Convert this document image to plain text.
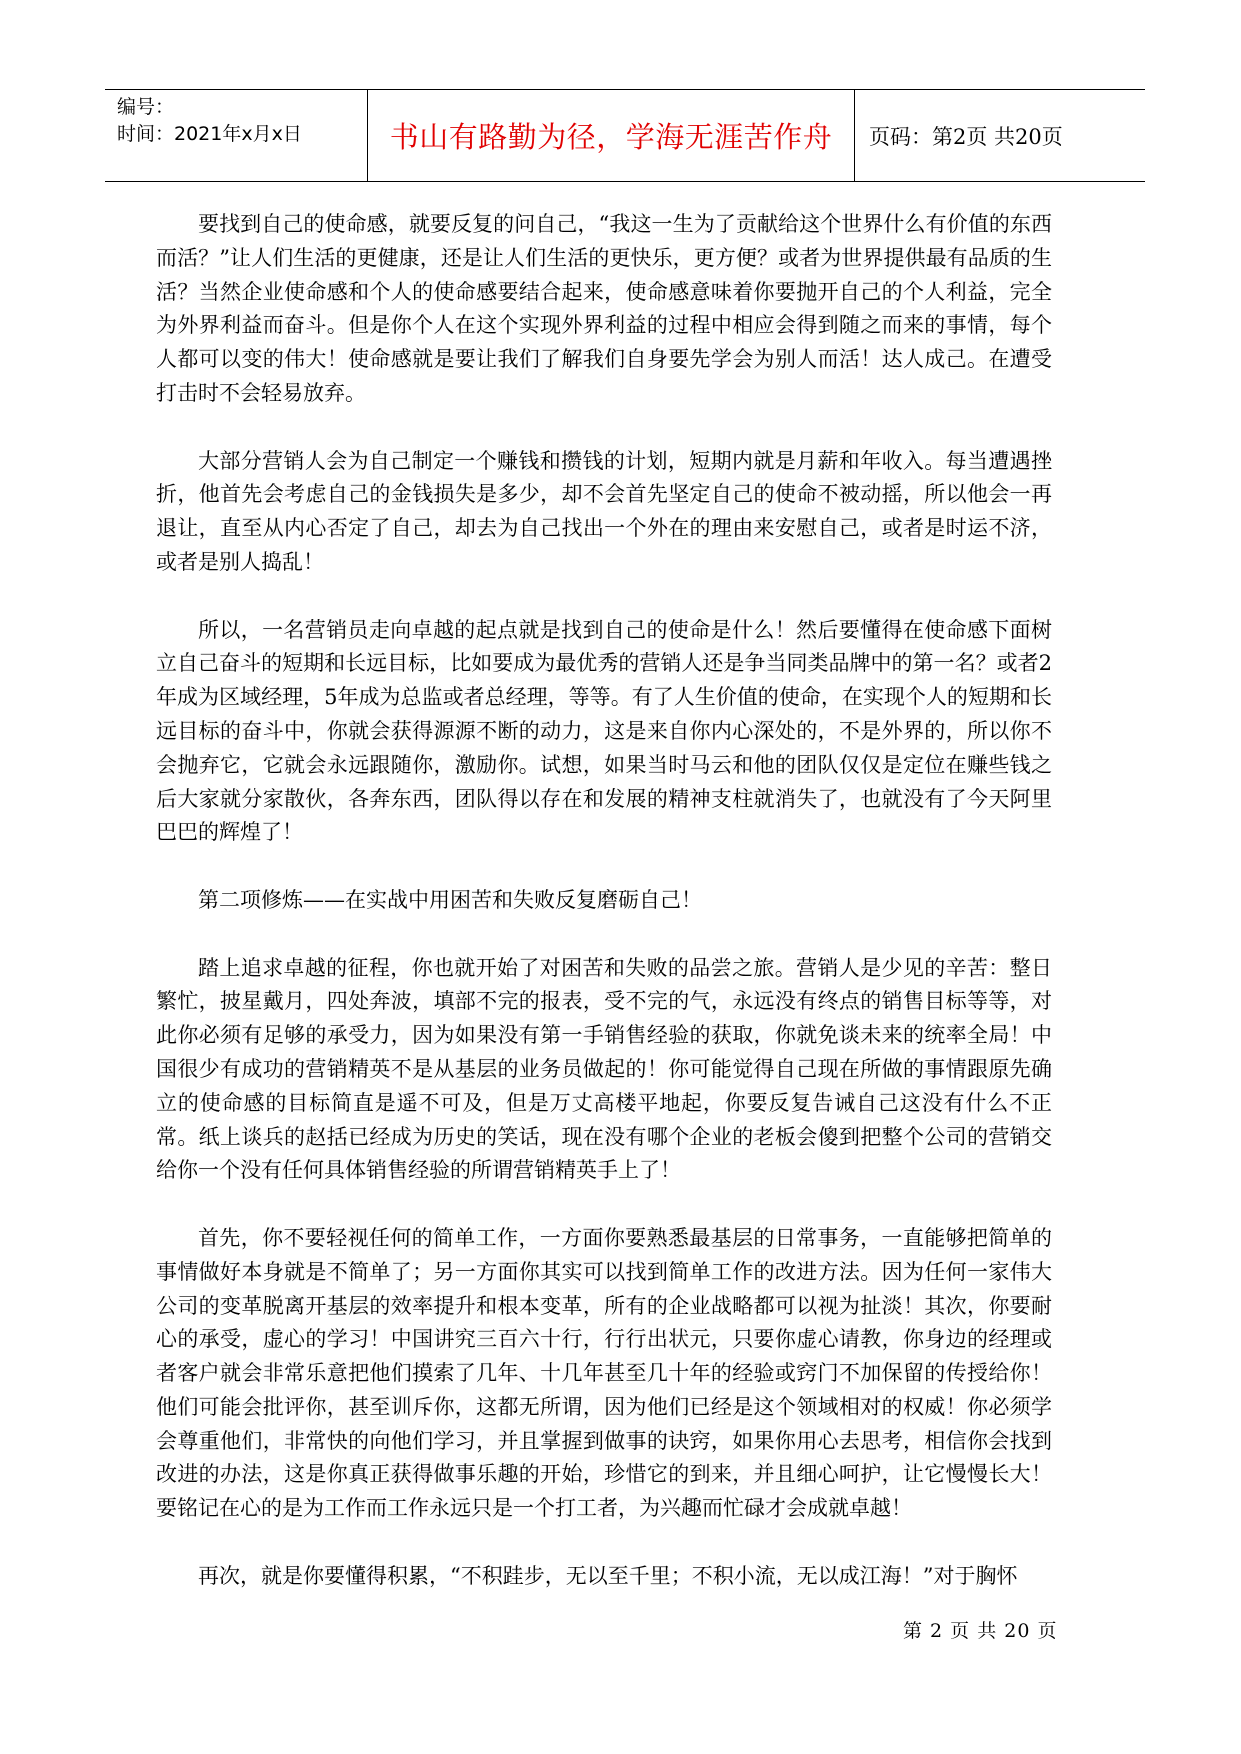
编号：
时间：2021年x月x日	书山有路勤为径，学海无涯苦作舟	页码：第2页 共20页

要找到自己的使命感，就要反复的问自己，“我这一生为了贡献给这个世界什么有价值的东西而活？”让人们生活的更健康，还是让人们生活的更快乐，更方便？或者为世界提供最有品质的生活？当然企业使命感和个人的使命感要结合起来，使命感意味着你要抛开自己的个人利益，完全为外界利益而奋斗。但是你个人在这个实现外界利益的过程中相应会得到随之而来的事情，每个人都可以变的伟大！使命感就是要让我们了解我们自身要先学会为别人而活！达人成己。在遭受打击时不会轻易放弃。

大部分营销人会为自己制定一个赚钱和攒钱的计划，短期内就是月薪和年收入。每当遭遇挫折，他首先会考虑自己的金钱损失是多少，却不会首先坚定自己的使命不被动摇，所以他会一再退让，直至从内心否定了自己，却去为自己找出一个外在的理由来安慰自己，或者是时运不济，或者是别人捣乱！

所以，一名营销员走向卓越的起点就是找到自己的使命是什么！然后要懂得在使命感下面树立自己奋斗的短期和长远目标，比如要成为最优秀的营销人还是争当同类品牌中的第一名？或者2年成为区域经理，5年成为总监或者总经理，等等。有了人生价值的使命，在实现个人的短期和长远目标的奋斗中，你就会获得源源不断的动力，这是来自你内心深处的，不是外界的，所以你不会抛弃它，它就会永远跟随你，激励你。试想，如果当时马云和他的团队仅仅是定位在赚些钱之后大家就分家散伙，各奔东西，团队得以存在和发展的精神支柱就消失了，也就没有了今天阿里巴巴的辉煌了！

第二项修炼——在实战中用困苦和失败反复磨砺自己！

踏上追求卓越的征程，你也就开始了对困苦和失败的品尝之旅。营销人是少见的辛苦：整日繁忙，披星戴月，四处奔波，填部不完的报表，受不完的气，永远没有终点的销售目标等等，对此你必须有足够的承受力，因为如果没有第一手销售经验的获取，你就免谈未来的统率全局！中国很少有成功的营销精英不是从基层的业务员做起的！你可能觉得自己现在所做的事情跟原先确立的使命感的目标简直是遥不可及，但是万丈高楼平地起，你要反复告诫自己这没有什么不正常。纸上谈兵的赵括已经成为历史的笑话，现在没有哪个企业的老板会傻到把整个公司的营销交给你一个没有任何具体销售经验的所谓营销精英手上了！

首先，你不要轻视任何的简单工作，一方面你要熟悉最基层的日常事务，一直能够把简单的事情做好本身就是不简单了；另一方面你其实可以找到简单工作的改进方法。因为任何一家伟大公司的变革脱离开基层的效率提升和根本变革，所有的企业战略都可以视为扯淡！其次，你要耐心的承受，虚心的学习！中国讲究三百六十行，行行出状元，只要你虚心请教，你身边的经理或者客户就会非常乐意把他们摸索了几年、十几年甚至几十年的经验或窍门不加保留的传授给你！他们可能会批评你，甚至训斥你，这都无所谓，因为他们已经是这个领域相对的权威！你必须学会尊重他们，非常快的向他们学习，并且掌握到做事的诀窍，如果你用心去思考，相信你会找到改进的办法，这是你真正获得做事乐趣的开始，珍惜它的到来，并且细心呵护，让它慢慢长大！要铭记在心的是为工作而工作永远只是一个打工者，为兴趣而忙碌才会成就卓越！

再次，就是你要懂得积累，“不积跬步，无以至千里；不积小流，无以成江海！”对于胸怀

第 2 页 共 20 页
